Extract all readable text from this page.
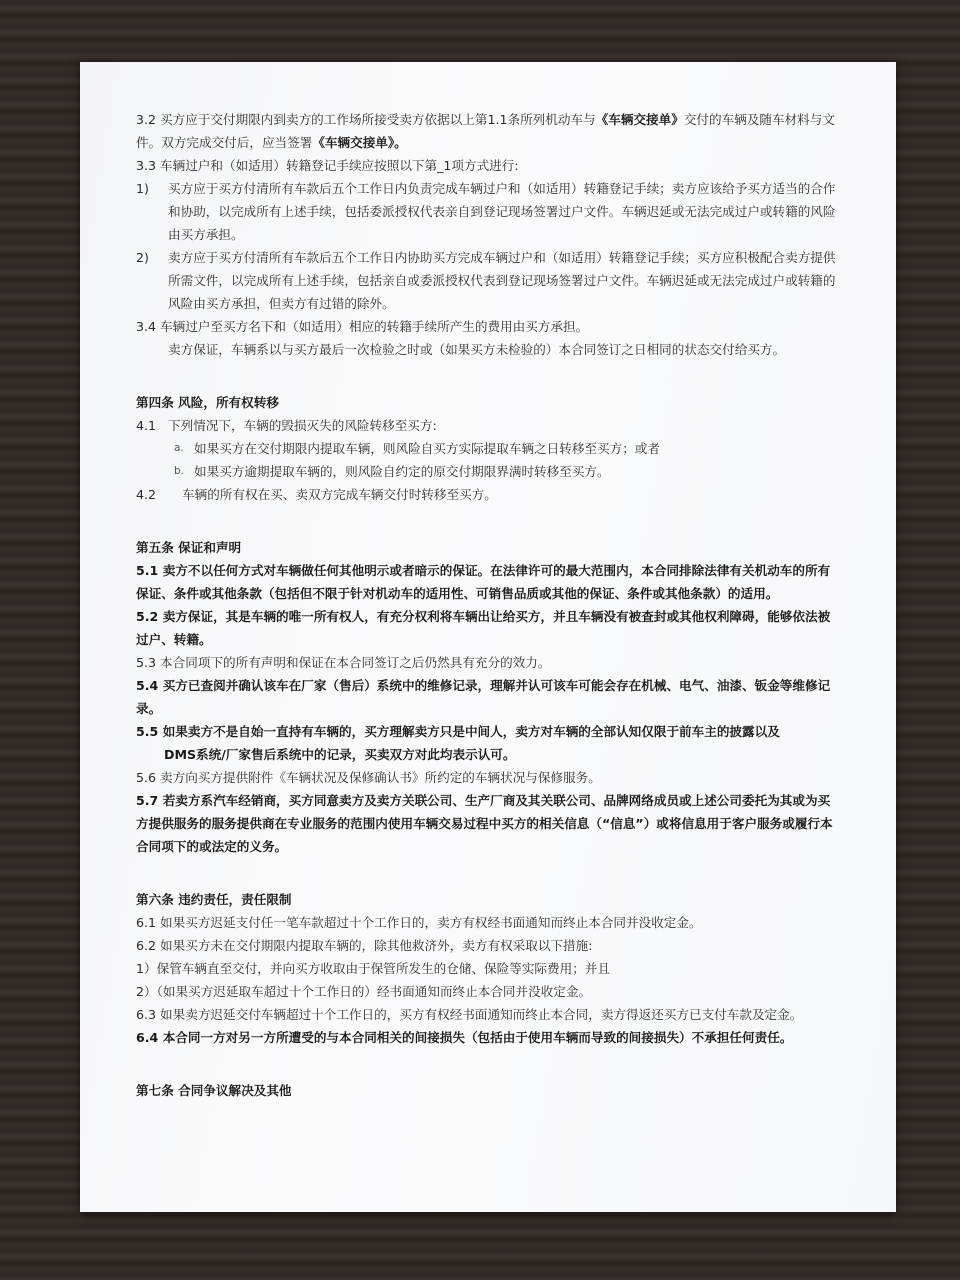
3.2 买方应于交付期限内到卖方的工作场所接受卖方依据以上第1.1条所列机动车与《车辆交接单》交付的车辆及随车材料与文件。双方完成交付后，应当签署《车辆交接单》。

3.3 车辆过户和（如适用）转籍登记手续应按照以下第_1项方式进行:

1) 买方应于买方付清所有车款后五个工作日内负责完成车辆过户和（如适用）转籍登记手续；卖方应该给予买方适当的合作和协助，以完成所有上述手续，包括委派授权代表亲自到登记现场签署过户文件。车辆迟延或无法完成过户或转籍的风险由买方承担。
2) 卖方应于买方付清所有车款后五个工作日内协助买方完成车辆过户和（如适用）转籍登记手续；买方应积极配合卖方提供所需文件，以完成所有上述手续，包括亲自或委派授权代表到登记现场签署过户文件。车辆迟延或无法完成过户或转籍的风险由买方承担，但卖方有过错的除外。

3.4 车辆过户至买方名下和（如适用）相应的转籍手续所产生的费用由买方承担。

卖方保证，车辆系以与买方最后一次检验之时或（如果买方未检验的）本合同签订之日相同的状态交付给买方。

第四条 风险，所有权转移

4.1 下列情况下，车辆的毁损灭失的风险转移至买方:
a. 如果买方在交付期限内提取车辆，则风险自买方实际提取车辆之日转移至买方；或者
b. 如果买方逾期提取车辆的，则风险自约定的原交付期限界满时转移至买方。
4.2 车辆的所有权在买、卖双方完成车辆交付时转移至买方。

第五条 保证和声明

5.1 卖方不以任何方式对车辆做任何其他明示或者暗示的保证。在法律许可的最大范围内，本合同排除法律有关机动车的所有保证、条件或其他条款（包括但不限于针对机动车的适用性、可销售品质或其他的保证、条件或其他条款）的适用。

5.2 卖方保证，其是车辆的唯一所有权人，有充分权利将车辆出让给买方，并且车辆没有被查封或其他权利障碍，能够依法被过户、转籍。

5.3 本合同项下的所有声明和保证在本合同签订之后仍然具有充分的效力。

5.4 买方已查阅并确认该车在厂家（售后）系统中的维修记录，理解并认可该车可能会存在机械、电气、油漆、钣金等维修记录。

5.5 如果卖方不是自始一直持有车辆的，买方理解卖方只是中间人，卖方对车辆的全部认知仅限于前车主的披露以及

DMS系统/厂家售后系统中的记录，买卖双方对此均表示认可。

5.6 卖方向买方提供附件《车辆状况及保修确认书》所约定的车辆状况与保修服务。

5.7 若卖方系汽车经销商，买方同意卖方及卖方关联公司、生产厂商及其关联公司、品牌网络成员或上述公司委托为其或为买方提供服务的服务提供商在专业服务的范围内使用车辆交易过程中买方的相关信息（“信息”）或将信息用于客户服务或履行本合同项下的或法定的义务。

第六条 违约责任，责任限制

6.1 如果买方迟延支付任一笔车款超过十个工作日的，卖方有权经书面通知而终止本合同并没收定金。

6.2 如果买方未在交付期限内提取车辆的，除其他救济外，卖方有权采取以下措施:

1）保管车辆直至交付，并向买方收取由于保管所发生的仓储、保险等实际费用；并且

2）（如果买方迟延取车超过十个工作日的）经书面通知而终止本合同并没收定金。

6.3 如果卖方迟延交付车辆超过十个工作日的，买方有权经书面通知而终止本合同，卖方得返还买方已支付车款及定金。

6.4 本合同一方对另一方所遭受的与本合同相关的间接损失（包括由于使用车辆而导致的间接损失）不承担任何责任。

第七条 合同争议解决及其他
